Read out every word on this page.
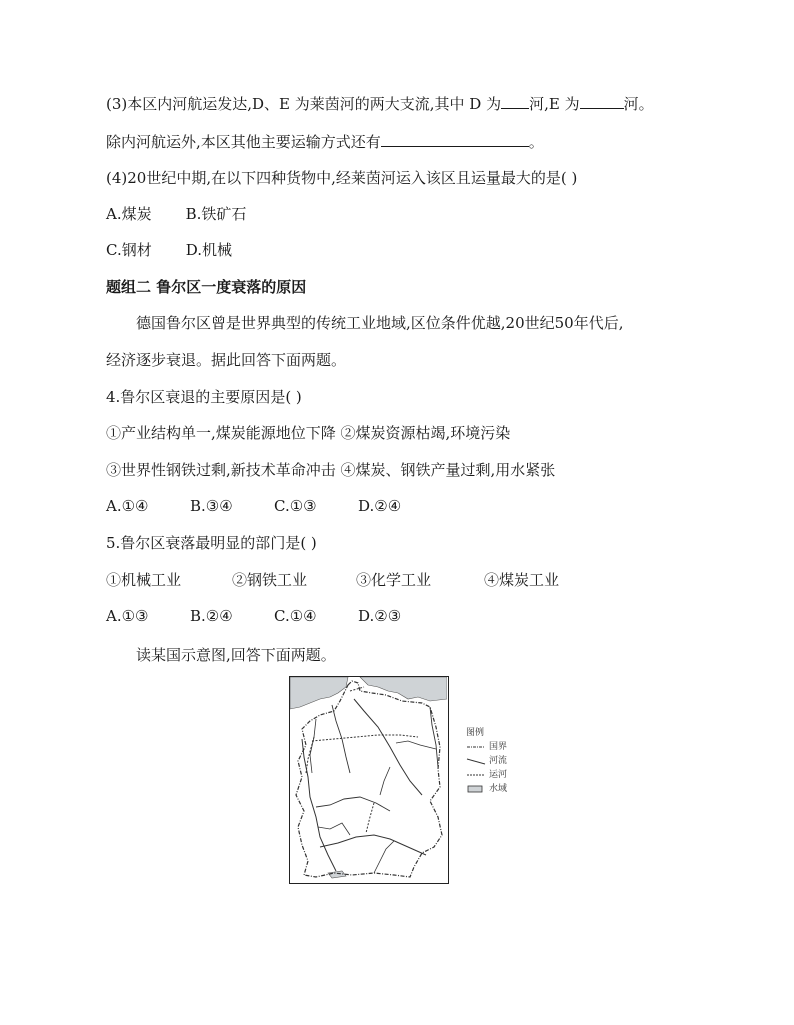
(3)本区内河航运发达,D、E 为莱茵河的两大支流,其中 D 为 河,E 为	河。
除内河航运外,本区其他主要运输方式还有	。
(4)20世纪中期,在以下四种货物中,经莱茵河运入该区且运量最大的是( )
A.煤炭 B.铁矿石
C.钢材 D.机械
题组二 鲁尔区一度衰落的原因
德国鲁尔区曾是世界典型的传统工业地域,区位条件优越,20世纪50年代后,
经济逐步衰退。据此回答下面两题。
4.鲁尔区衰退的主要原因是( )
①产业结构单一,煤炭能源地位下降 ②煤炭资源枯竭,环境污染
③世界性钢铁过剩,新技术革命冲击 ④煤炭、钢铁产量过剩,用水紧张
A.①④	B.③④	C.①③	D.②④
5.鲁尔区衰落最明显的部门是( )
①机械工业	②钢铁工业	③化学工业	④煤炭工业
A.①③	B.②④	C.①④	D.②③
读某国示意图,回答下面两题。
图例
国界
河流
运河
水域
